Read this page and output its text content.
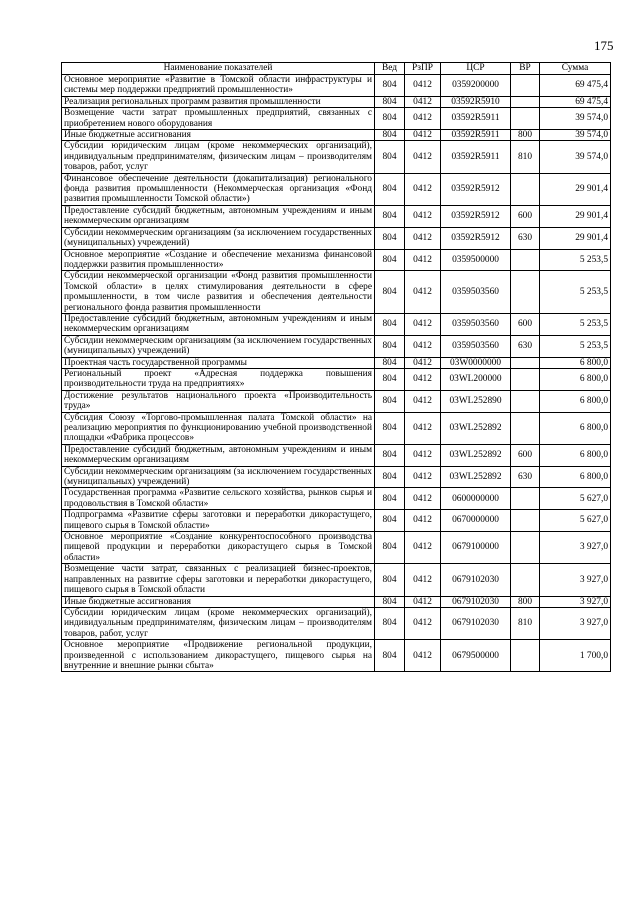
175
Наименование показателей	Вед	РзПР	ЦСР	ВР	Сумма
Основное мероприятие «Развитие в Томской области инфраструктуры и системы мер поддержки предприятий промышленности»	804	0412	0359200000		69 475,4
Реализация региональных программ развития промышленности	804	0412	03592R5910		69 475,4
Возмещение части затрат промышленных предприятий, связанных с приобретением нового оборудования	804	0412	03592R5911		39 574,0
Иные бюджетные ассигнования	804	0412	03592R5911	800	39 574,0
Субсидии юридическим лицам (кроме некоммерческих организаций), индивидуальным предпринимателям, физическим лицам – производителям товаров, работ, услуг	804	0412	03592R5911	810	39 574,0
Финансовое обеспечение деятельности (докапитализация) регионального фонда развития промышленности (Некоммерческая организация «Фонд развития промышленности Томской области»)	804	0412	03592R5912		29 901,4
Предоставление субсидий бюджетным, автономным учреждениям и иным некоммерческим организациям	804	0412	03592R5912	600	29 901,4
Субсидии некоммерческим организациям (за исключением государственных (муниципальных) учреждений)	804	0412	03592R5912	630	29 901,4
Основное мероприятие «Создание и обеспечение механизма финансовой поддержки развития промышленности»	804	0412	0359500000		5 253,5
Субсидии некоммерческой организации «Фонд развития промышленности Томской области» в целях стимулирования деятельности в сфере промышленности, в том числе развития и обеспечения деятельности регионального фонда развития промышленности	804	0412	0359503560		5 253,5
Предоставление субсидий бюджетным, автономным учреждениям и иным некоммерческим организациям	804	0412	0359503560	600	5 253,5
Субсидии некоммерческим организациям (за исключением государственных (муниципальных) учреждений)	804	0412	0359503560	630	5 253,5
Проектная часть государственной программы	804	0412	03W0000000		6 800,0
Региональный проект «Адресная поддержка повышения производительности труда на предприятиях»	804	0412	03WL200000		6 800,0
Достижение результатов национального проекта «Производительность труда»	804	0412	03WL252890		6 800,0
Субсидия Союзу «Торгово-промышленная палата Томской области» на реализацию мероприятия по функционированию учебной производственной площадки «Фабрика процессов»	804	0412	03WL252892		6 800,0
Предоставление субсидий бюджетным, автономным учреждениям и иным некоммерческим организациям	804	0412	03WL252892	600	6 800,0
Субсидии некоммерческим организациям (за исключением государственных (муниципальных) учреждений)	804	0412	03WL252892	630	6 800,0
Государственная программа «Развитие сельского хозяйства, рынков сырья и продовольствия в Томской области»	804	0412	0600000000		5 627,0
Подпрограмма «Развитие сферы заготовки и переработки дикорастущего, пищевого сырья в Томской области»	804	0412	0670000000		5 627,0
Основное мероприятие «Создание конкурентоспособного производства пищевой продукции и переработки дикорастущего сырья в Томской области»	804	0412	0679100000		3 927,0
Возмещение части затрат, связанных с реализацией бизнес-проектов, направленных на развитие сферы заготовки и переработки дикорастущего, пищевого сырья в Томской области	804	0412	0679102030		3 927,0
Иные бюджетные ассигнования	804	0412	0679102030	800	3 927,0
Субсидии юридическим лицам (кроме некоммерческих организаций), индивидуальным предпринимателям, физическим лицам – производителям товаров, работ, услуг	804	0412	0679102030	810	3 927,0
Основное мероприятие «Продвижение региональной продукции, произведенной с использованием дикорастущего, пищевого сырья на внутренние и внешние рынки сбыта»	804	0412	0679500000		1 700,0
